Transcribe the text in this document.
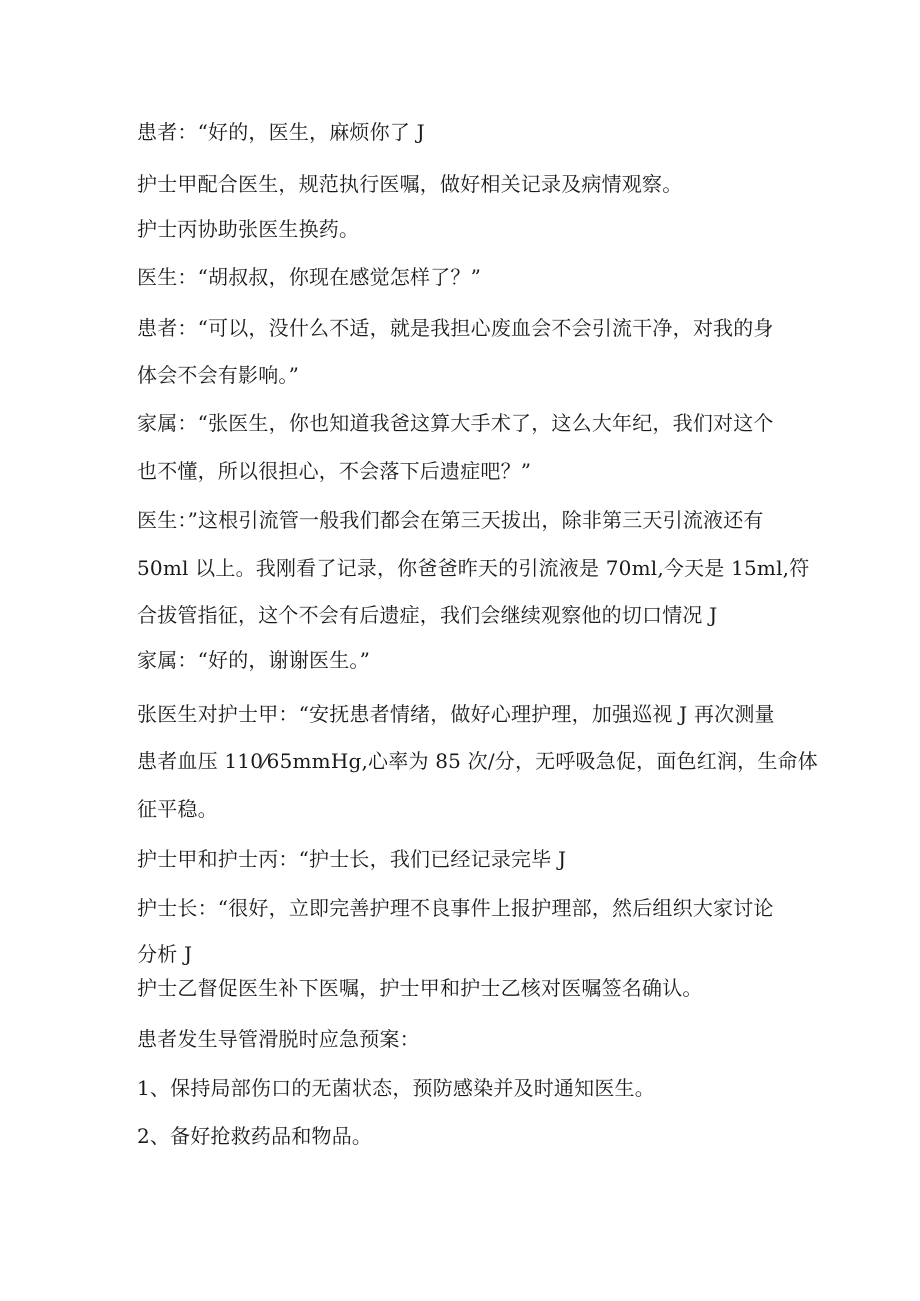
患者：“好的，医生，麻烦你了 J
护士甲配合医生，规范执行医嘱，做好相关记录及病情观察。
护士丙协助张医生换药。
医生：“胡叔叔，你现在感觉怎样了？”
患者：“可以，没什么不适，就是我担心废血会不会引流干净，对我的身
体会不会有影响。”
家属：“张医生，你也知道我爸这算大手术了，这么大年纪，我们对这个
也不懂，所以很担心，不会落下后遗症吧？”
医生：”这根引流管一般我们都会在第三天拔出，除非第三天引流液还有
50ml 以上。我刚看了记录，你爸爸昨天的引流液是 70ml,今天是 15ml,符
合拔管指征，这个不会有后遗症，我们会继续观察他的切口情况 J
家属：“好的，谢谢医生。”
张医生对护士甲：“安抚患者情绪，做好心理护理，加强巡视 J 再次测量
患者血压 110⁄65mmHg,心率为 85 次/分，无呼吸急促，面色红润，生命体
征平稳。
护士甲和护士丙：“护士长，我们已经记录完毕 J
护士长：“很好，立即完善护理不良事件上报护理部，然后组织大家讨论
分析 J
护士乙督促医生补下医嘱，护士甲和护士乙核对医嘱签名确认。
患者发生导管滑脱时应急预案：
1、保持局部伤口的无菌状态，预防感染并及时通知医生。
2、备好抢救药品和物品。
